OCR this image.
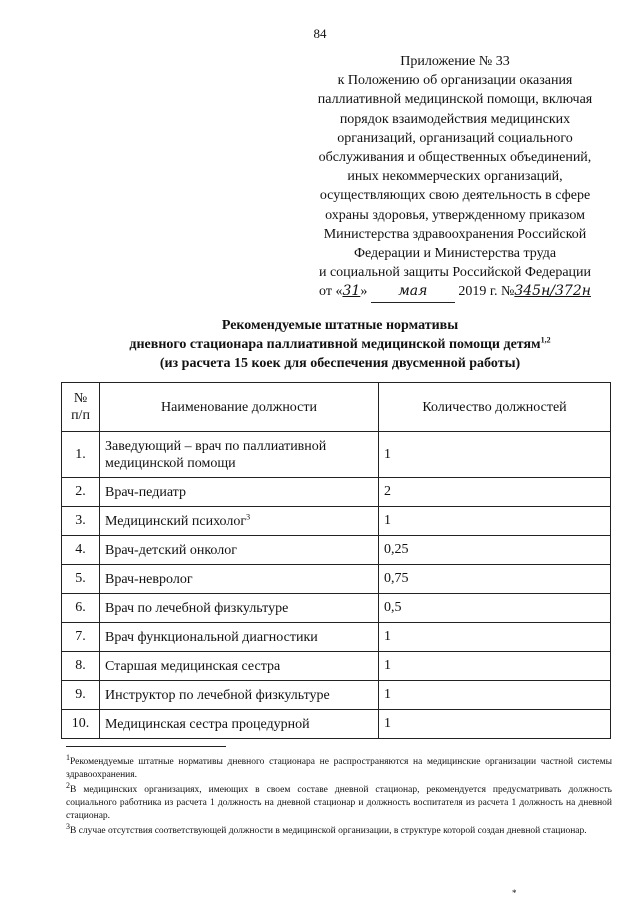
84
Приложение № 33
к Положению об организации оказания
паллиативной медицинской помощи, включая
порядок взаимодействия медицинских
организаций, организаций социального
обслуживания и общественных объединений,
иных некоммерческих организаций,
осуществляющих свою деятельность в сфере
охраны здоровья, утвержденному приказом
Министерства здравоохранения Российской
Федерации и Министерства труда
и социальной защиты Российской Федерации
от «31» мая 2019 г. №345н/372н
Рекомендуемые штатные нормативы
дневного стационара паллиативной медицинской помощи детям$^{1,2}$
(из расчета 15 коек для обеспечения двусменной работы)
№
п/п	Наименование должности	Количество должностей
1.	Заведующий – врач по паллиативной медицинской помощи	1
2.	Врач-педиатр	2
3.	Медицинский психолог$^3$	1
4.	Врач-детский онколог	0,25
5.	Врач-невролог	0,75
6.	Врач по лечебной физкультуре	0,5
7.	Врач функциональной диагностики	1
8.	Старшая медицинская сестра	1
9.	Инструктор по лечебной физкультуре	1
10.	Медицинская сестра процедурной	1

$^1$Рекомендуемые штатные нормативы дневного стационара не распространяются на медицинские организации частной системы здравоохранения.

$^2$В медицинских организациях, имеющих в своем составе дневной стационар, рекомендуется предусматривать должность социального работника из расчета 1 должность на дневной стационар и должность воспитателя из расчета 1 должность на дневной стационар.

$^3$В случае отсутствия соответствующей должности в медицинской организации, в структуре которой создан дневной стационар.

*
